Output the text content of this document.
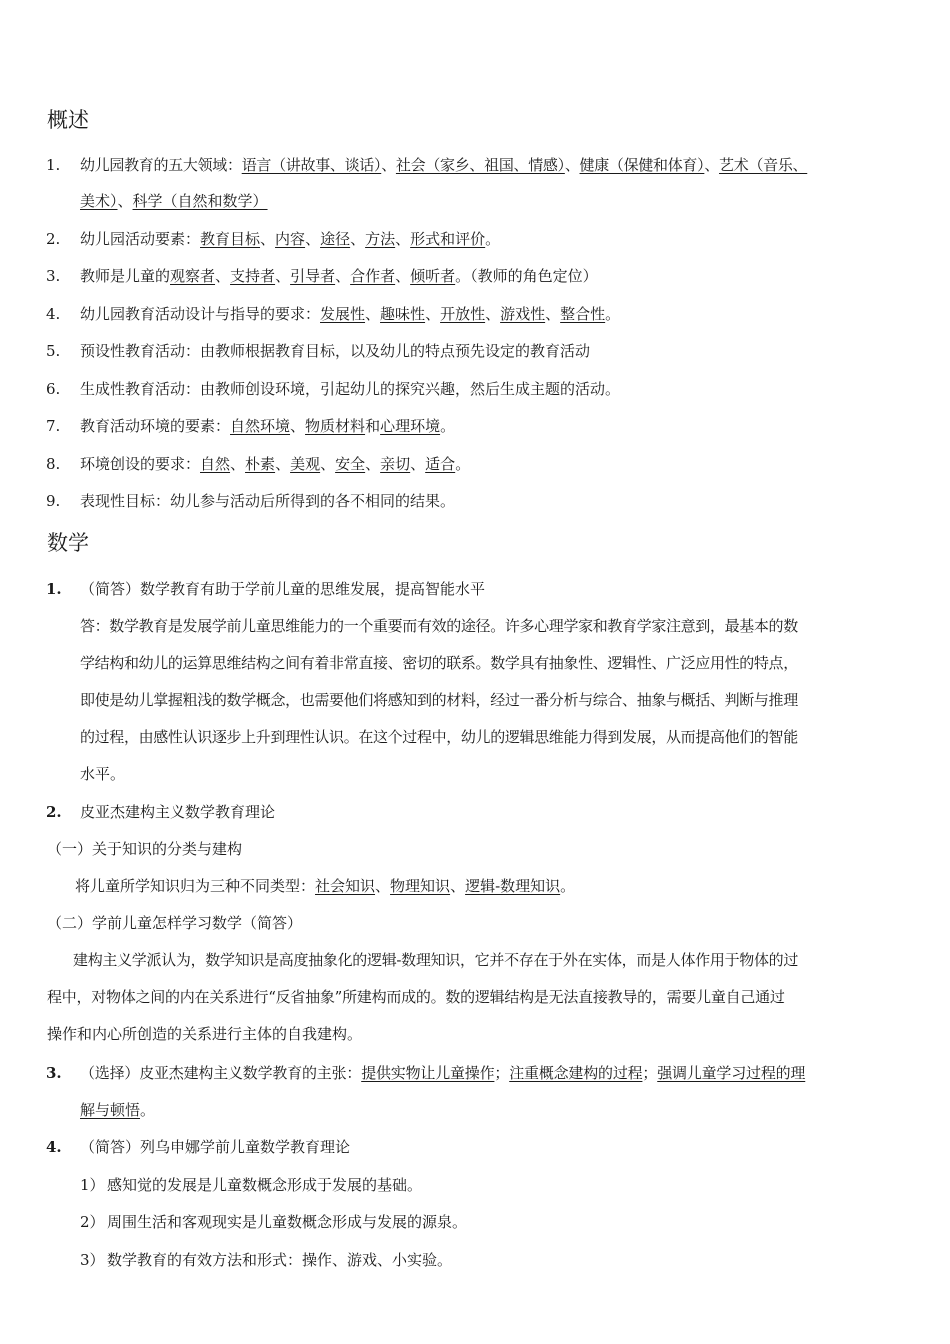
概述
1. 幼儿园教育的五大领域：语言（讲故事、谈话）、社会（家乡、祖国、情感）、健康（保健和体育）、艺术（音乐、
美术）、科学（自然和数学）
2. 幼儿园活动要素：教育目标、内容、途径、方法、形式和评价。
3. 教师是儿童的观察者、支持者、引导者、合作者、倾听者。（教师的角色定位）
4. 幼儿园教育活动设计与指导的要求：发展性、趣味性、开放性、游戏性、整合性。
5. 预设性教育活动：由教师根据教育目标，以及幼儿的特点预先设定的教育活动
6. 生成性教育活动：由教师创设环境，引起幼儿的探究兴趣，然后生成主题的活动。
7. 教育活动环境的要素：自然环境、物质材料和心理环境。
8. 环境创设的要求：自然、朴素、美观、安全、亲切、适合。
9. 表现性目标：幼儿参与活动后所得到的各不相同的结果。
数学
1. （简答）数学教育有助于学前儿童的思维发展，提高智能水平
答：数学教育是发展学前儿童思维能力的一个重要而有效的途径。许多心理学家和教育学家注意到，最基本的数
学结构和幼儿的运算思维结构之间有着非常直接、密切的联系。数学具有抽象性、逻辑性、广泛应用性的特点，
即使是幼儿掌握粗浅的数学概念，也需要他们将感知到的材料，经过一番分析与综合、抽象与概括、判断与推理
的过程，由感性认识逐步上升到理性认识。在这个过程中，幼儿的逻辑思维能力得到发展，从而提高他们的智能
水平。
2. 皮亚杰建构主义数学教育理论
（一）关于知识的分类与建构
将儿童所学知识归为三种不同类型：社会知识、物理知识、逻辑-数理知识。
（二）学前儿童怎样学习数学（简答）
建构主义学派认为，数学知识是高度抽象化的逻辑-数理知识，它并不存在于外在实体，而是人体作用于物体的过
程中，对物体之间的内在关系进行“反省抽象”所建构而成的。数的逻辑结构是无法直接教导的，需要儿童自己通过
操作和内心所创造的关系进行主体的自我建构。
3. （选择）皮亚杰建构主义数学教育的主张：提供实物让儿童操作；注重概念建构的过程；强调儿童学习过程的理
解与顿悟。
4. （简答）列乌申娜学前儿童数学教育理论
1） 感知觉的发展是儿童数概念形成于发展的基础。
2） 周围生活和客观现实是儿童数概念形成与发展的源泉。
3） 数学教育的有效方法和形式：操作、游戏、小实验。
